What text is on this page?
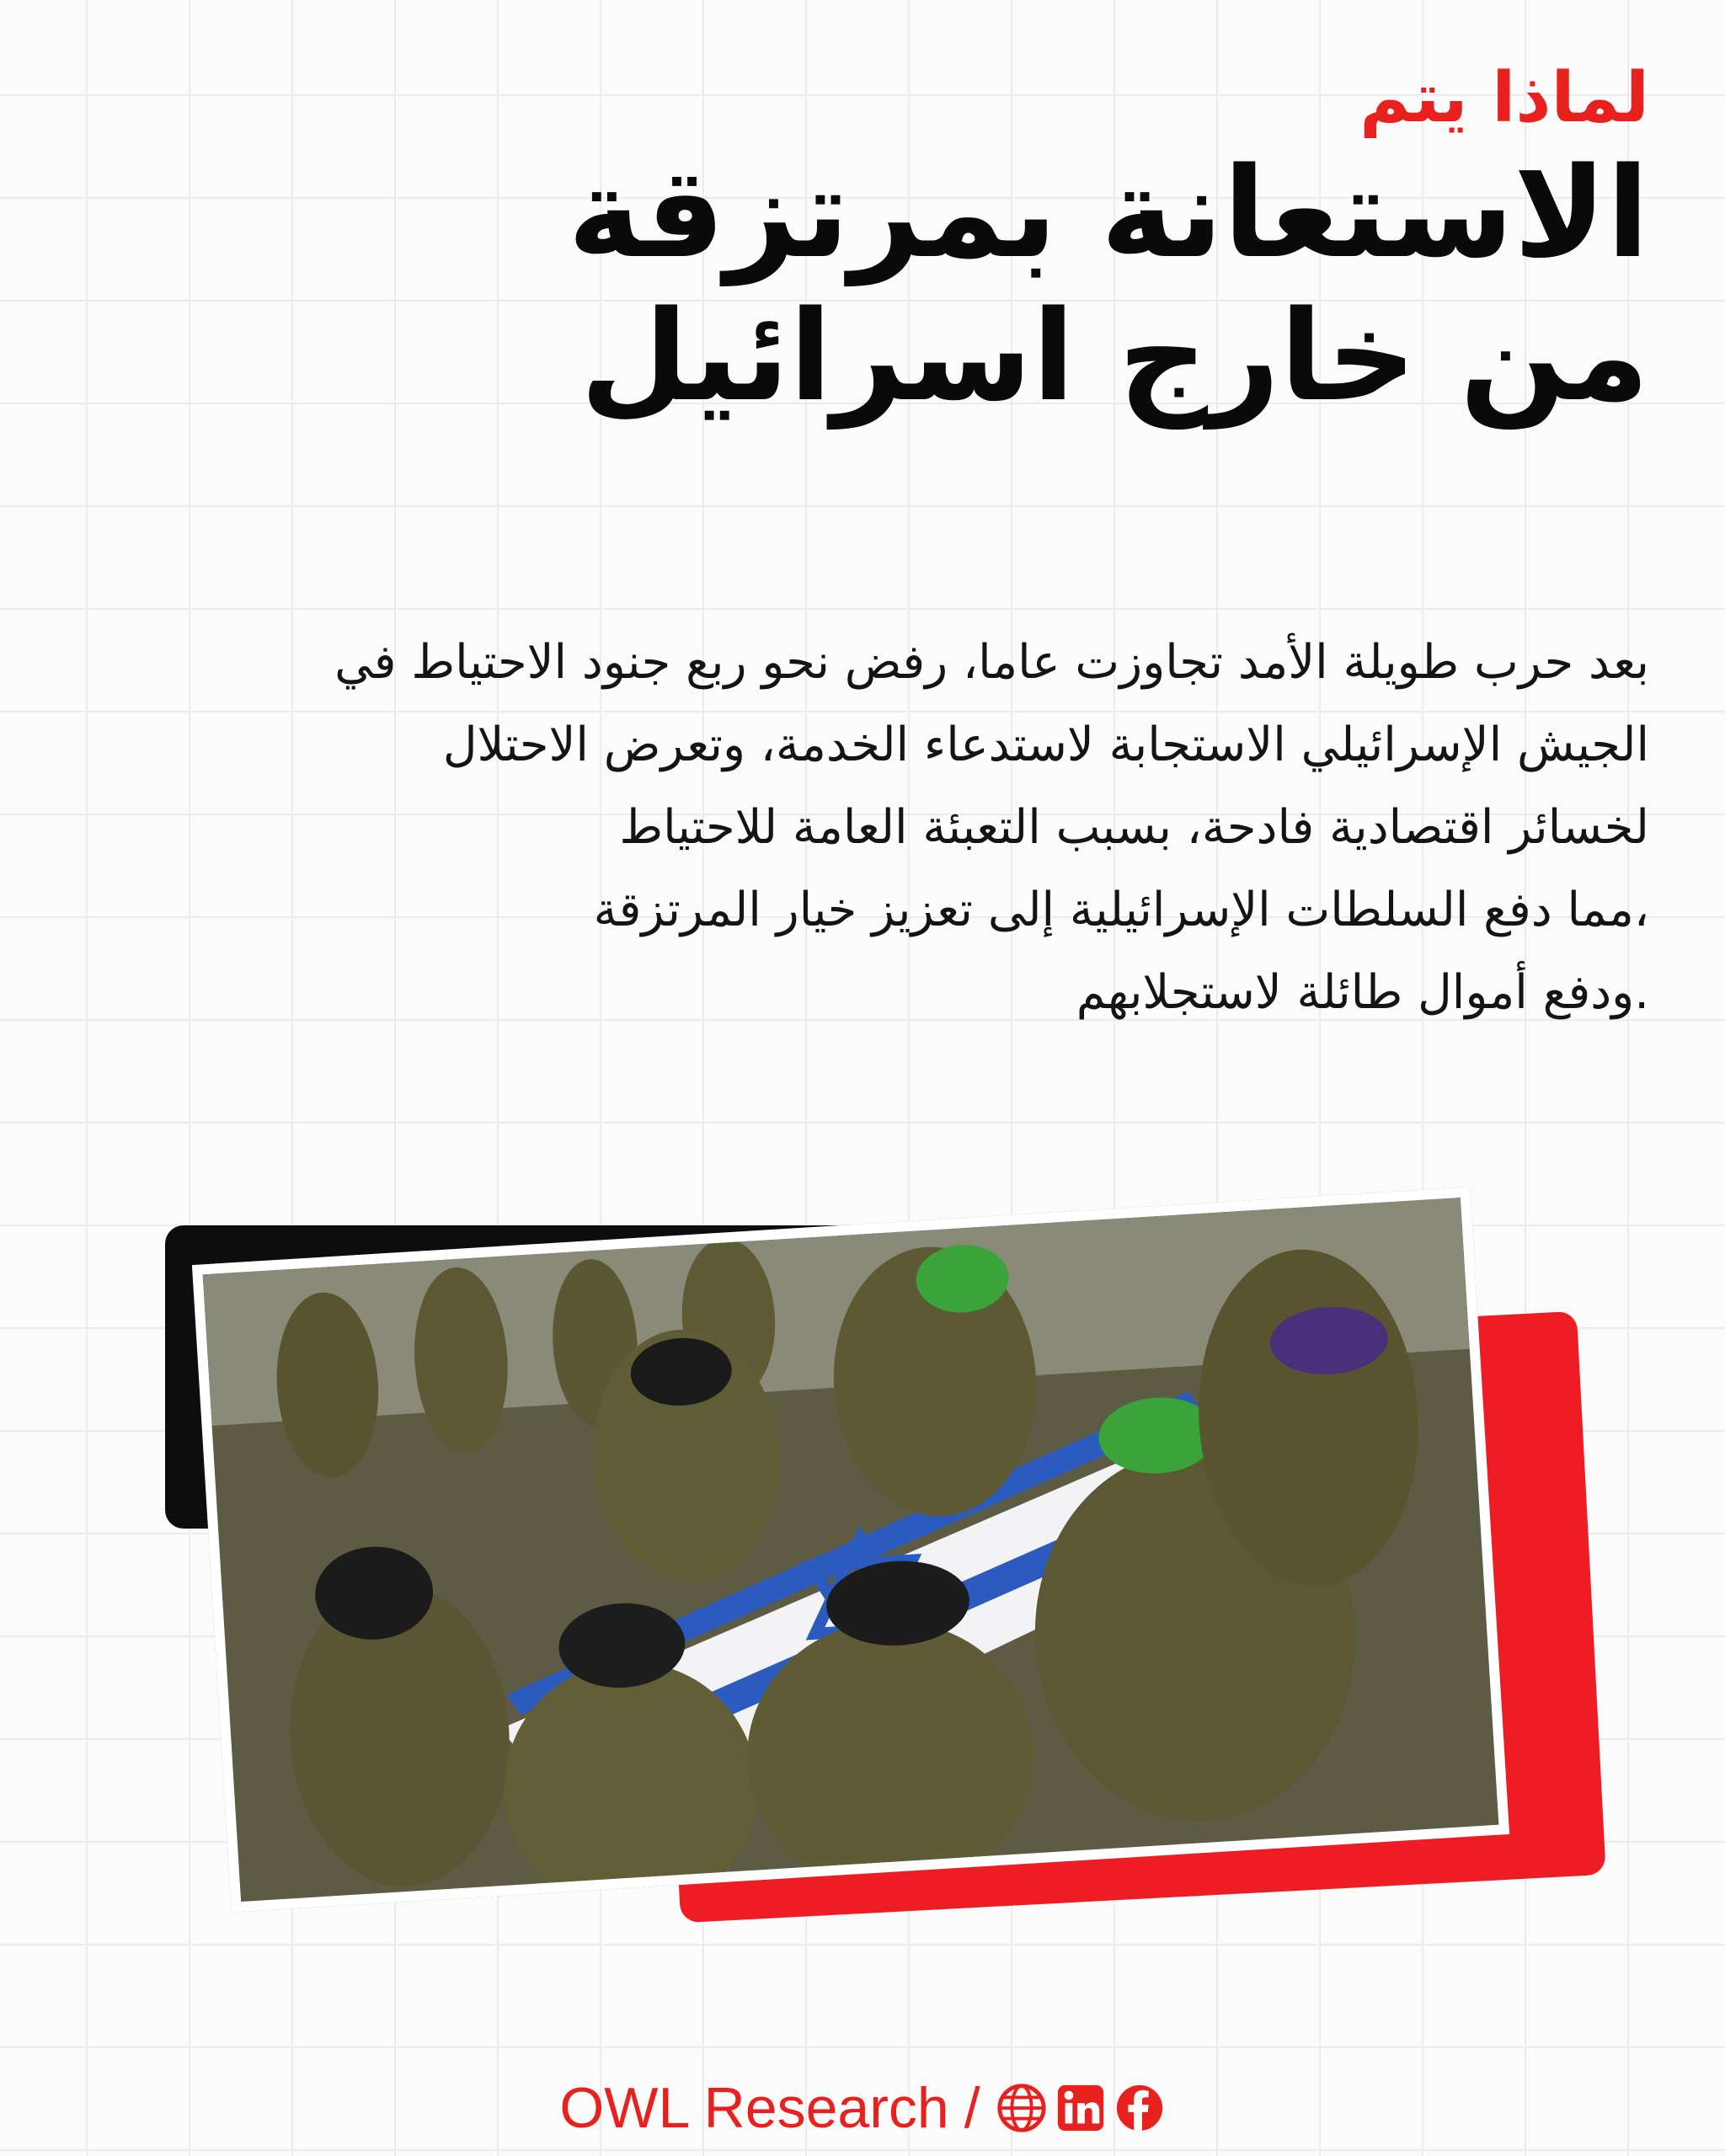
لماذا يتم
الاستعانة بمرتزقة
من خارج اسرائيل
بعد حرب طويلة الأمد تجاوزت عاما، رفض نحو ربع جنود الاحتياط في
الجيش الإسرائيلي الاستجابة لاستدعاء الخدمة، وتعرض الاحتلال
لخسائر اقتصادية فادحة، بسبب التعبئة العامة للاحتياط
،مما دفع السلطات الإسرائيلية إلى تعزيز خيار المرتزقة
.ودفع أموال طائلة لاستجلابهم
OWL Research /
